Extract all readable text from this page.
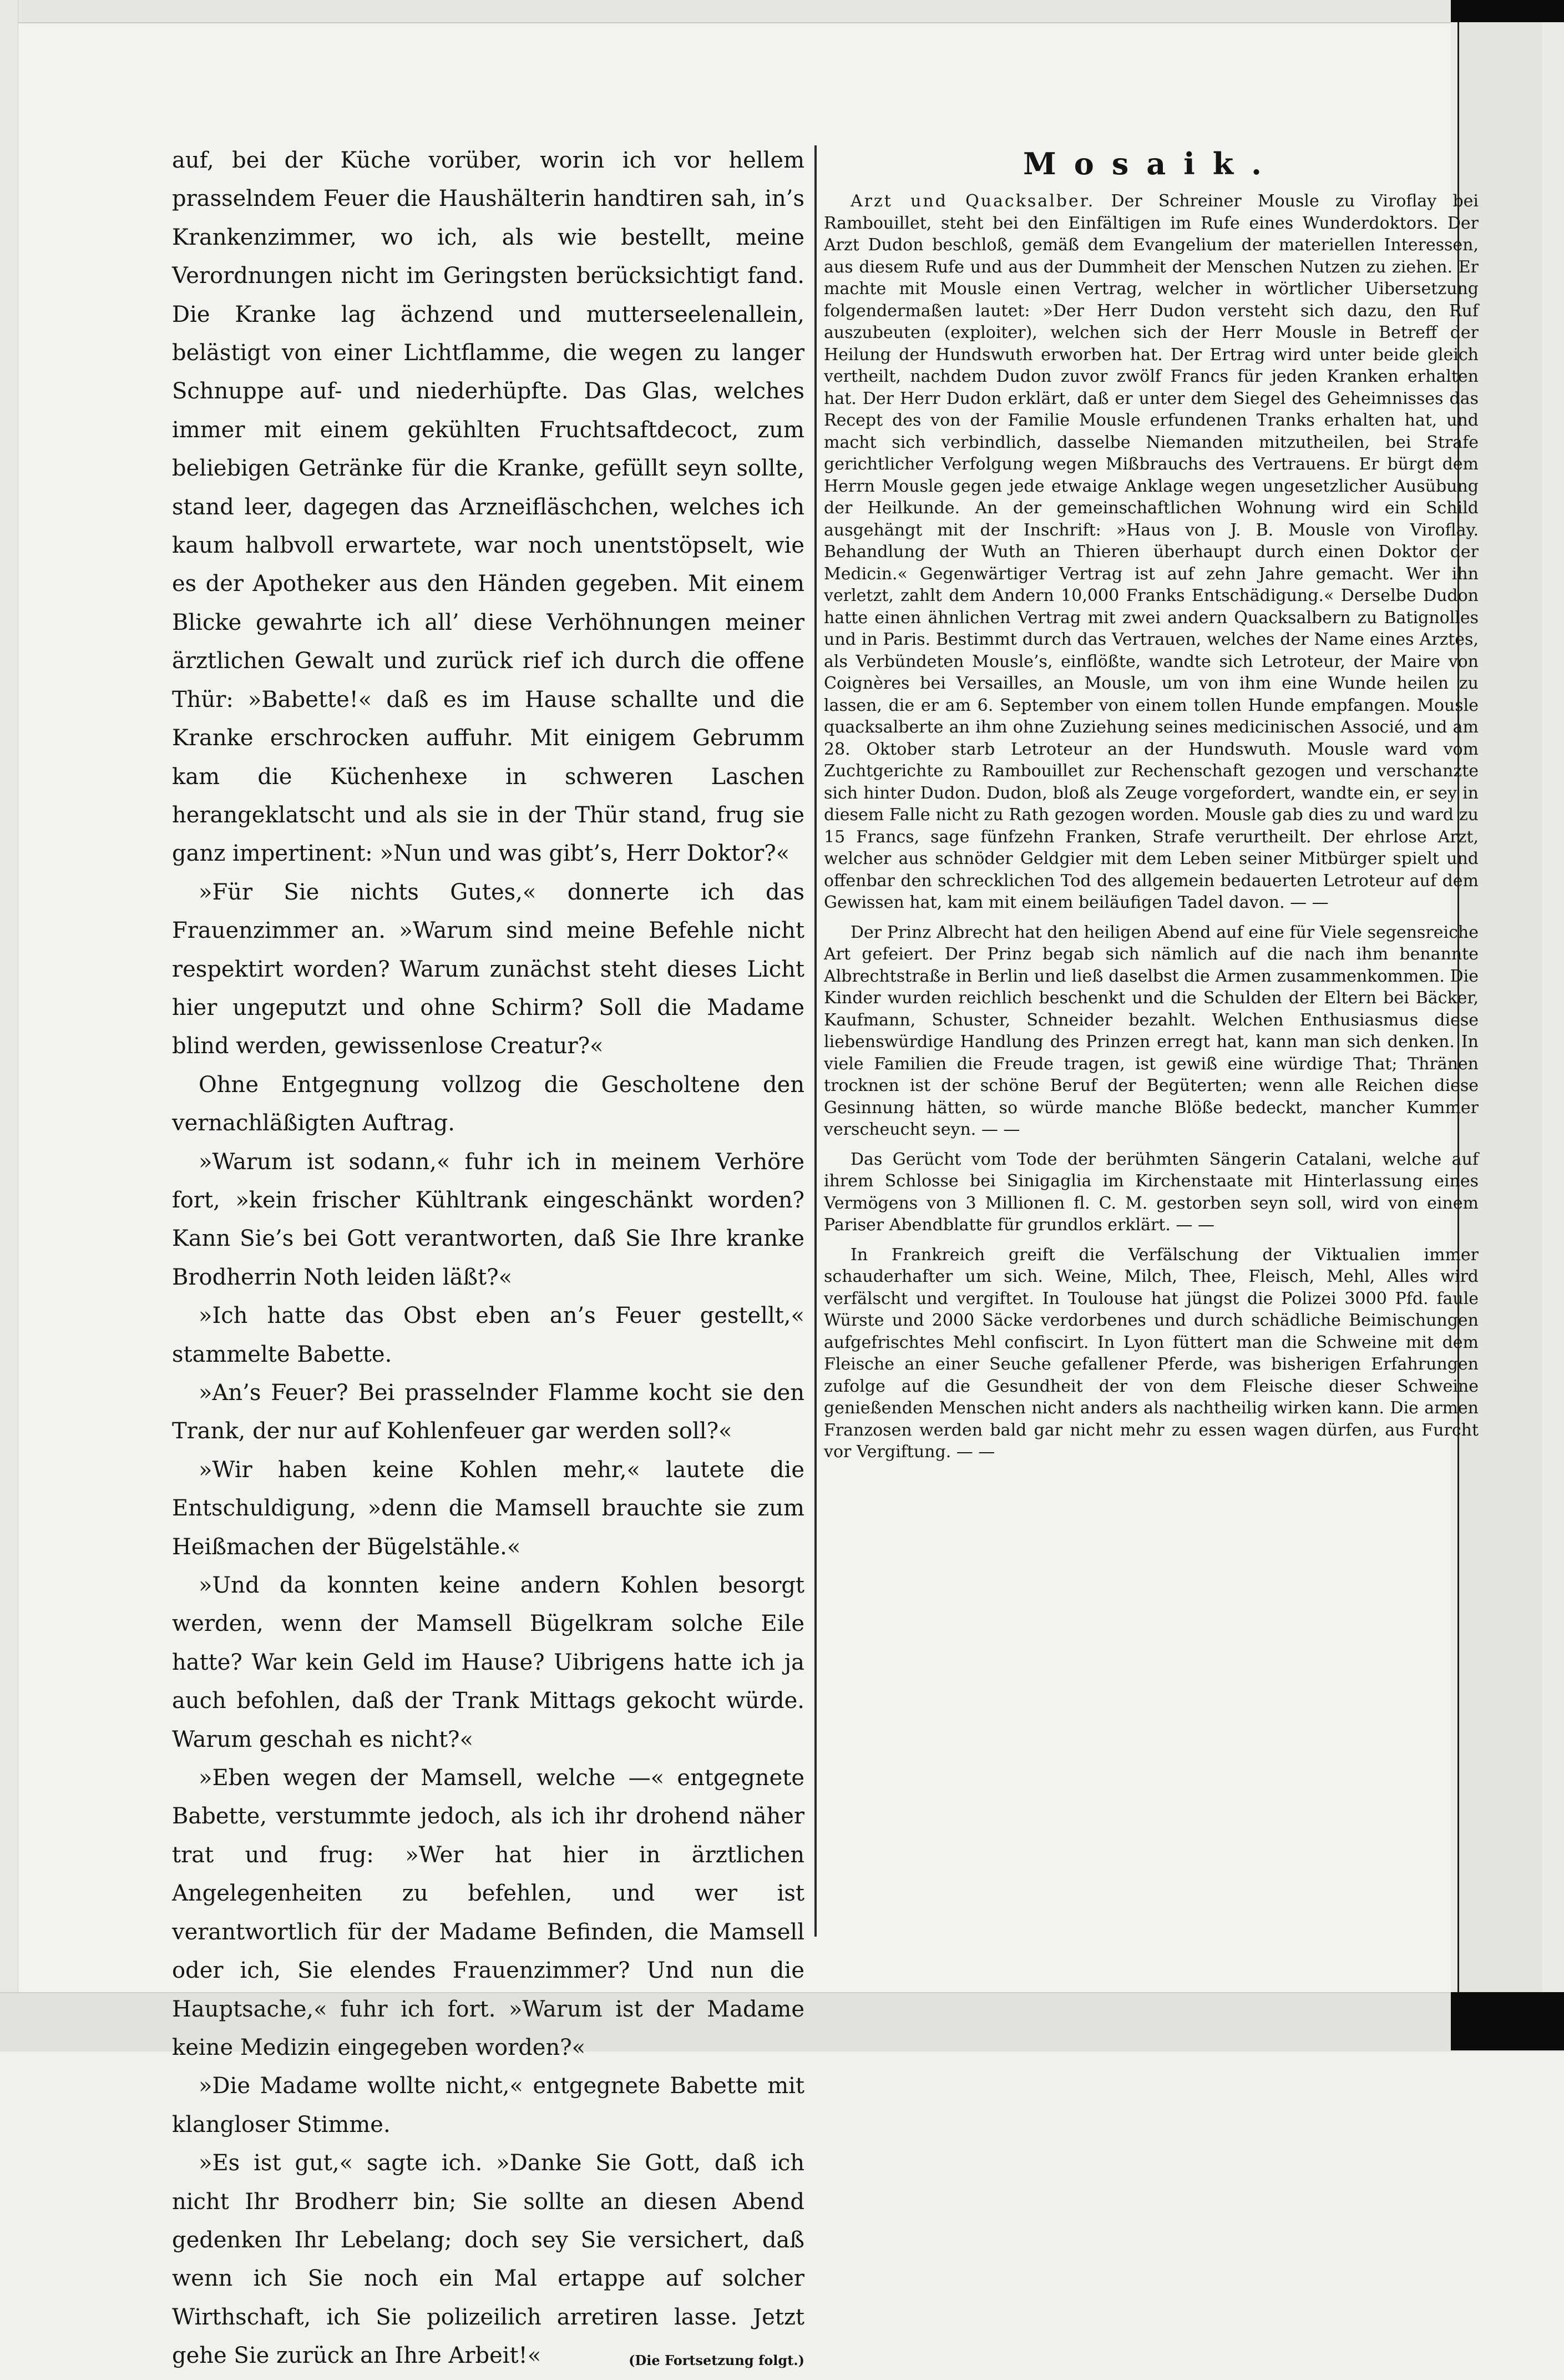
auf, bei der Küche vorüber, worin ich vor hellem prasselndem Feuer die Haushälterin handtiren sah, in’s Krankenzimmer, wo ich, als wie bestellt, meine Verordnungen nicht im Geringsten berücksichtigt fand. Die Kranke lag ächzend und mutterseelenallein, belästigt von einer Lichtflamme, die wegen zu langer Schnuppe auf- und niederhüpfte. Das Glas, welches immer mit einem gekühlten Fruchtsaftdecoct, zum beliebigen Getränke für die Kranke, gefüllt seyn sollte, stand leer, dagegen das Arzneifläschchen, welches ich kaum halbvoll erwartete, war noch unentstöpselt, wie es der Apotheker aus den Händen gegeben. Mit einem Blicke gewahrte ich all’ diese Verhöhnungen meiner ärztlichen Gewalt und zurück rief ich durch die offene Thür: »Babette!« daß es im Hause schallte und die Kranke erschrocken auffuhr. Mit einigem Gebrumm kam die Küchenhexe in schweren Laschen herangeklatscht und als sie in der Thür stand, frug sie ganz impertinent: »Nun und was gibt’s, Herr Doktor?«

»Für Sie nichts Gutes,« donnerte ich das Frauenzimmer an. »Warum sind meine Befehle nicht respektirt worden? Warum zunächst steht dieses Licht hier ungeputzt und ohne Schirm? Soll die Madame blind werden, gewissenlose Creatur?«

Ohne Entgegnung vollzog die Gescholtene den vernachläßigten Auftrag.

»Warum ist sodann,« fuhr ich in meinem Verhöre fort, »kein frischer Kühltrank eingeschänkt worden? Kann Sie’s bei Gott verantworten, daß Sie Ihre kranke Brodherrin Noth leiden läßt?«

»Ich hatte das Obst eben an’s Feuer gestellt,« stammelte Babette.

»An’s Feuer? Bei prasselnder Flamme kocht sie den Trank, der nur auf Kohlenfeuer gar werden soll?«

»Wir haben keine Kohlen mehr,« lautete die Entschuldigung, »denn die Mamsell brauchte sie zum Heißmachen der Bügelstähle.«

»Und da konnten keine andern Kohlen besorgt werden, wenn der Mamsell Bügelkram solche Eile hatte? War kein Geld im Hause? Uibrigens hatte ich ja auch befohlen, daß der Trank Mittags gekocht würde. Warum geschah es nicht?«

»Eben wegen der Mamsell, welche —« entgegnete Babette, verstummte jedoch, als ich ihr drohend näher trat und frug: »Wer hat hier in ärztlichen Angelegenheiten zu befehlen, und wer ist verantwortlich für der Madame Befinden, die Mamsell oder ich, Sie elendes Frauenzimmer? Und nun die Hauptsache,« fuhr ich fort. »Warum ist der Madame keine Medizin eingegeben worden?«

»Die Madame wollte nicht,« entgegnete Babette mit klangloser Stimme.

»Es ist gut,« sagte ich. »Danke Sie Gott, daß ich nicht Ihr Brodherr bin; Sie sollte an diesen Abend gedenken Ihr Lebelang; doch sey Sie versichert, daß wenn ich Sie noch ein Mal ertappe auf solcher Wirthschaft, ich Sie polizeilich arretiren lasse. Jetzt gehe Sie zurück an Ihre Arbeit!«	(Die Fortsetzung folgt.)

Mosaik.

Arzt und Quacksalber. Der Schreiner Mousle zu Viroflay bei Rambouillet, steht bei den Einfältigen im Rufe eines Wunderdoktors. Der Arzt Dudon beschloß, gemäß dem Evangelium der materiellen Interessen, aus diesem Rufe und aus der Dummheit der Menschen Nutzen zu ziehen. Er machte mit Mousle einen Vertrag, welcher in wörtlicher Uibersetzung folgendermaßen lautet: »Der Herr Dudon versteht sich dazu, den Ruf auszubeuten (exploiter), welchen sich der Herr Mousle in Betreff der Heilung der Hundswuth erworben hat. Der Ertrag wird unter beide gleich vertheilt, nachdem Dudon zuvor zwölf Francs für jeden Kranken erhalten hat. Der Herr Dudon erklärt, daß er unter dem Siegel des Geheimnisses das Recept des von der Familie Mousle erfundenen Tranks erhalten hat, und macht sich verbindlich, dasselbe Niemanden mitzutheilen, bei Strafe gerichtlicher Verfolgung wegen Mißbrauchs des Vertrauens. Er bürgt dem Herrn Mousle gegen jede etwaige Anklage wegen ungesetzlicher Ausübung der Heilkunde. An der gemeinschaftlichen Wohnung wird ein Schild ausgehängt mit der Inschrift: »Haus von J. B. Mousle von Viroflay. Behandlung der Wuth an Thieren überhaupt durch einen Doktor der Medicin.« Gegenwärtiger Vertrag ist auf zehn Jahre gemacht. Wer ihn verletzt, zahlt dem Andern 10,000 Franks Entschädigung.« Derselbe Dudon hatte einen ähnlichen Vertrag mit zwei andern Quacksalbern zu Batignolles und in Paris. Bestimmt durch das Vertrauen, welches der Name eines Arztes, als Verbündeten Mousle’s, einflößte, wandte sich Letroteur, der Maire von Coignères bei Versailles, an Mousle, um von ihm eine Wunde heilen zu lassen, die er am 6. September von einem tollen Hunde empfangen. Mousle quacksalberte an ihm ohne Zuziehung seines medicinischen Associé, und am 28. Oktober starb Letroteur an der Hundswuth. Mousle ward vom Zuchtgerichte zu Rambouillet zur Rechenschaft gezogen und verschanzte sich hinter Dudon. Dudon, bloß als Zeuge vorgefordert, wandte ein, er sey in diesem Falle nicht zu Rath gezogen worden. Mousle gab dies zu und ward zu 15 Francs, sage fünfzehn Franken, Strafe verurtheilt. Der ehrlose Arzt, welcher aus schnöder Geldgier mit dem Leben seiner Mitbürger spielt und offenbar den schrecklichen Tod des allgemein bedauerten Letroteur auf dem Gewissen hat, kam mit einem beiläufigen Tadel davon. — —

Der Prinz Albrecht hat den heiligen Abend auf eine für Viele segensreiche Art gefeiert. Der Prinz begab sich nämlich auf die nach ihm benannte Albrechtstraße in Berlin und ließ daselbst die Armen zusammenkommen. Die Kinder wurden reichlich beschenkt und die Schulden der Eltern bei Bäcker, Kaufmann, Schuster, Schneider bezahlt. Welchen Enthusiasmus diese liebenswürdige Handlung des Prinzen erregt hat, kann man sich denken. In viele Familien die Freude tragen, ist gewiß eine würdige That; Thränen trocknen ist der schöne Beruf der Begüterten; wenn alle Reichen diese Gesinnung hätten, so würde manche Blöße bedeckt, mancher Kummer verscheucht seyn. — —

Das Gerücht vom Tode der berühmten Sängerin Catalani, welche auf ihrem Schlosse bei Sinigaglia im Kirchenstaate mit Hinterlassung eines Vermögens von 3 Millionen fl. C. M. gestorben seyn soll, wird von einem Pariser Abendblatte für grundlos erklärt. — —

In Frankreich greift die Verfälschung der Viktualien immer schauderhafter um sich. Weine, Milch, Thee, Fleisch, Mehl, Alles wird verfälscht und vergiftet. In Toulouse hat jüngst die Polizei 3000 Pfd. faule Würste und 2000 Säcke verdorbenes und durch schädliche Beimischungen aufgefrischtes Mehl confiscirt. In Lyon füttert man die Schweine mit dem Fleische an einer Seuche gefallener Pferde, was bisherigen Erfahrungen zufolge auf die Gesundheit der von dem Fleische dieser Schweine genießenden Menschen nicht anders als nachtheilig wirken kann. Die armen Franzosen werden bald gar nicht mehr zu essen wagen dürfen, aus Furcht vor Vergiftung. — —
